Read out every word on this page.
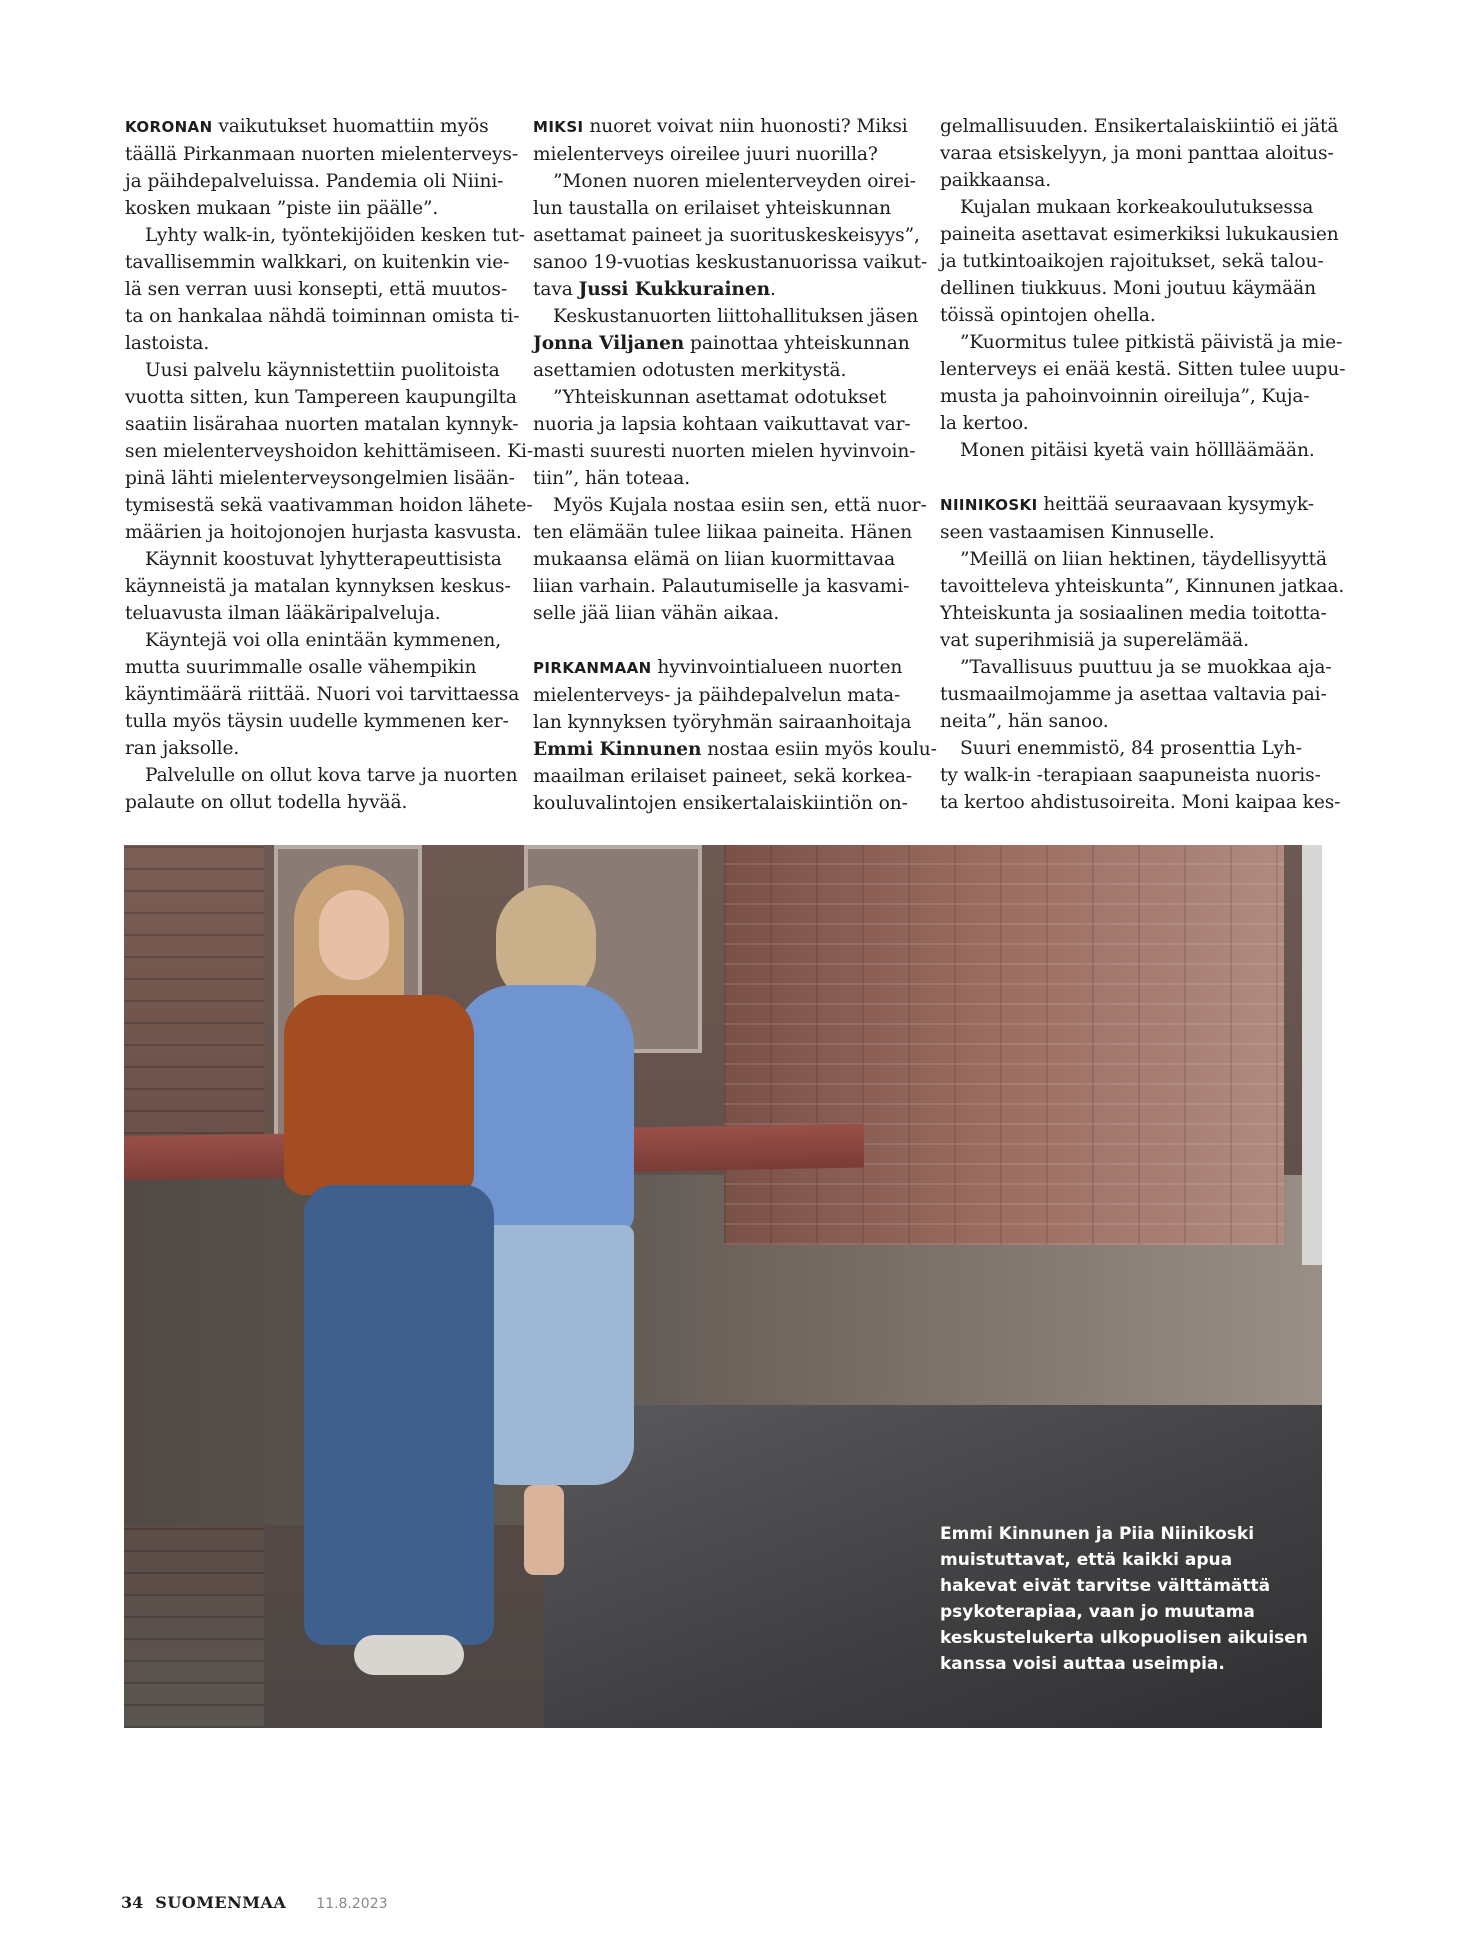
KORONAN vaikutukset huomattiin myös
täällä Pirkanmaan nuorten mielenterveys-
ja päihdepalveluissa. Pandemia oli Niini-
kosken mukaan ”piste iin päälle”.
Lyhty walk-in, työntekijöiden kesken tut-
tavallisemmin walkkari, on kuitenkin vie-
lä sen verran uusi konsepti, että muutos-
ta on hankalaa nähdä toiminnan omista ti-
lastoista.
Uusi palvelu käynnistettiin puolitoista
vuotta sitten, kun Tampereen kaupungilta
saatiin lisärahaa nuorten matalan kynnyk-
sen mielenterveyshoidon kehittämiseen. Ki-
pinä lähti mielenterveysongelmien lisään-
tymisestä sekä vaativamman hoidon lähete-
määrien ja hoitojonojen hurjasta kasvusta.
Käynnit koostuvat lyhytterapeuttisista
käynneistä ja matalan kynnyksen keskus-
teluavusta ilman lääkäripalveluja.
Käyntejä voi olla enintään kymmenen,
mutta suurimmalle osalle vähempikin
käyntimäärä riittää. Nuori voi tarvittaessa
tulla myös täysin uudelle kymmenen ker-
ran jaksolle.
Palvelulle on ollut kova tarve ja nuorten
palaute on ollut todella hyvää.
MIKSI nuoret voivat niin huonosti? Miksi
mielenterveys oireilee juuri nuorilla?
”Monen nuoren mielenterveyden oirei-
lun taustalla on erilaiset yhteiskunnan
asettamat paineet ja suorituskeskeisyys”,
sanoo 19-vuotias keskustanuorissa vaikut-
tava Jussi Kukkurainen.
Keskustanuorten liittohallituksen jäsen
Jonna Viljanen painottaa yhteiskunnan
asettamien odotusten merkitystä.
”Yhteiskunnan asettamat odotukset
nuoria ja lapsia kohtaan vaikuttavat var-
masti suuresti nuorten mielen hyvinvoin-
tiin”, hän toteaa.
Myös Kujala nostaa esiin sen, että nuor-
ten elämään tulee liikaa paineita. Hänen
mukaansa elämä on liian kuormittavaa
liian varhain. Palautumiselle ja kasvami-
selle jää liian vähän aikaa.
PIRKANMAAN hyvinvointialueen nuorten
mielenterveys- ja päihdepalvelun mata-
lan kynnyksen työryhmän sairaanhoitaja
Emmi Kinnunen nostaa esiin myös koulu-
maailman erilaiset paineet, sekä korkea-
kouluvalintojen ensikertalaiskiintiön on-
gelmallisuuden. Ensikertalaiskiintiö ei jätä
varaa etsiskelyyn, ja moni panttaa aloitus-
paikkaansa.
Kujalan mukaan korkeakoulutuksessa
paineita asettavat esimerkiksi lukukausien
ja tutkintoaikojen rajoitukset, sekä talou-
dellinen tiukkuus. Moni joutuu käymään
töissä opintojen ohella.
”Kuormitus tulee pitkistä päivistä ja mie-
lenterveys ei enää kestä. Sitten tulee uupu-
musta ja pahoinvoinnin oireiluja”, Kuja-
la kertoo.
Monen pitäisi kyetä vain höllläämään.
NIINIKOSKI heittää seuraavaan kysymyk-
seen vastaamisen Kinnuselle.
”Meillä on liian hektinen, täydellisyyttä
tavoitteleva yhteiskunta”, Kinnunen jatkaa.
Yhteiskunta ja sosiaalinen media toitotta-
vat superihmisiä ja superelämää.
”Tavallisuus puuttuu ja se muokkaa aja-
tusmaailmojamme ja asettaa valtavia pai-
neita”, hän sanoo.
Suuri enemmistö, 84 prosenttia Lyh-
ty walk-in -terapiaan saapuneista nuoris-
ta kertoo ahdistusoireita. Moni kaipaa kes-
Emmi Kinnunen ja Piia Niinikoski
muistuttavat, että kaikki apua
hakevat eivät tarvitse välttämättä
psykoterapiaa, vaan jo muutama
keskustelukerta ulkopuolisen aikuisen
kanssa voisi auttaa useimpia.
34 SUOMENMAA 11.8.2023
